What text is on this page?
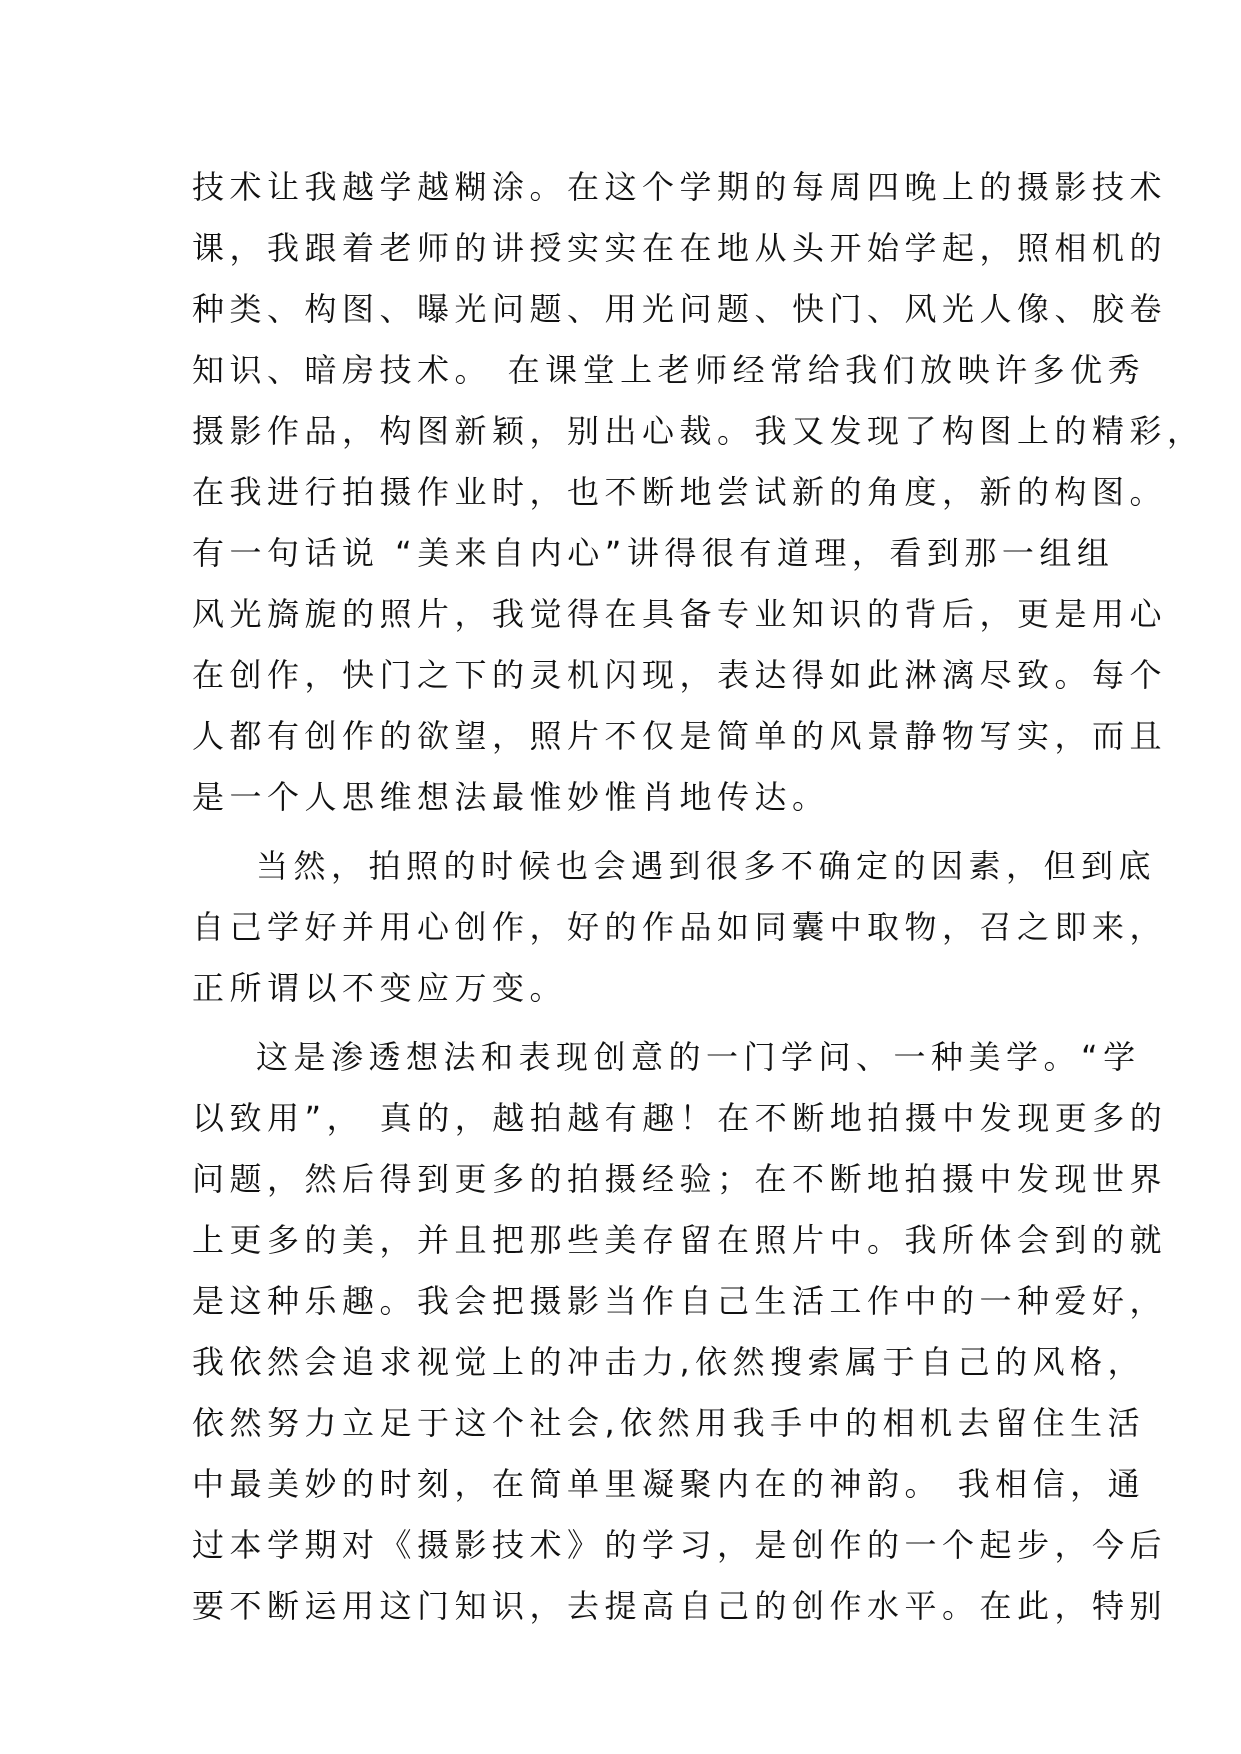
技术让我越学越糊涂。在这个学期的每周四晚上的摄影技术
课，我跟着老师的讲授实实在在地从头开始学起，照相机的
种类、构图、曝光问题、用光问题、快门、风光人像、胶卷
知识、暗房技术。 在课堂上老师经常给我们放映许多优秀
摄影作品，构图新颖，别出心裁。我又发现了构图上的精彩，
在我进行拍摄作业时，也不断地尝试新的角度，新的构图。
有一句话说 “美来自内心”讲得很有道理，看到那一组组
风光旖旎的照片，我觉得在具备专业知识的背后，更是用心
在创作，快门之下的灵机闪现，表达得如此淋漓尽致。每个
人都有创作的欲望，照片不仅是简单的风景静物写实，而且
是一个人思维想法最惟妙惟肖地传达。
当然，拍照的时候也会遇到很多不确定的因素，但到底
自己学好并用心创作，好的作品如同囊中取物，召之即来，
正所谓以不变应万变。
这是渗透想法和表现创意的一门学问、一种美学。“学
以致用”， 真的，越拍越有趣！在不断地拍摄中发现更多的
问题，然后得到更多的拍摄经验；在不断地拍摄中发现世界
上更多的美，并且把那些美存留在照片中。我所体会到的就
是这种乐趣。我会把摄影当作自己生活工作中的一种爱好，
我依然会追求视觉上的冲击力,依然搜索属于自己的风格，
依然努力立足于这个社会,依然用我手中的相机去留住生活
中最美妙的时刻，在简单里凝聚内在的神韵。 我相信，通
过本学期对《摄影技术》的学习，是创作的一个起步，今后
要不断运用这门知识，去提高自己的创作水平。在此，特别
